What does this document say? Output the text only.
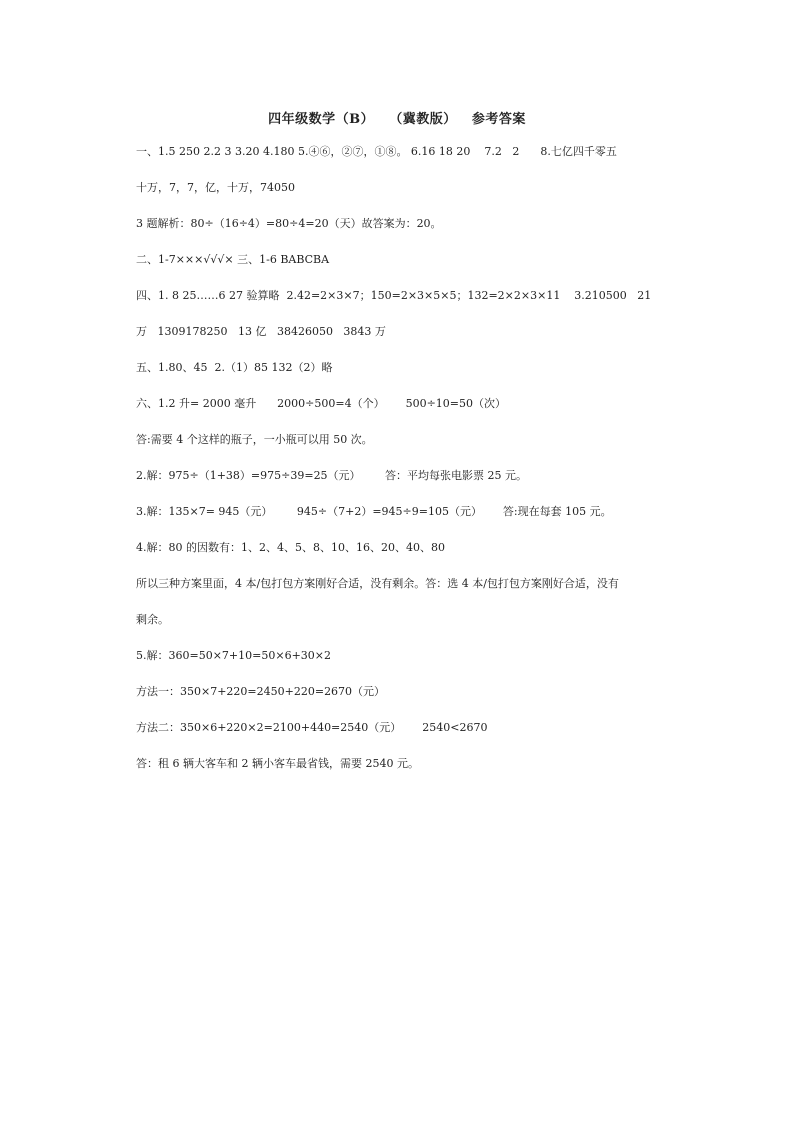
四年级数学（B）   （冀教版）   参考答案
一、1.5 250 2.2 3 3.20 4.180 5.④⑥，②⑦，①⑧。 6.16 18 20    7.2   2      8.七亿四千零五
十万，7，7，亿，十万，74050
3 题解析：80÷（16÷4）=80÷4=20（天）故答案为：20。
二、1-7×××√√√× 三、1-6 BABCBA
四、1. 8 25……6 27 验算略  2.42=2×3×7；150=2×3×5×5；132=2×2×3×11    3.210500   21
万   1309178250   13 亿   38426050   3843 万
五、1.80、45  2.（1）85 132（2）略
六、1.2 升= 2000 毫升      2000÷500=4（个）      500÷10=50（次）
答:需要 4 个这样的瓶子，一小瓶可以用 50 次。
2.解：975÷（1+38）=975÷39=25（元）       答：平均每张电影票 25 元。
3.解：135×7= 945（元）       945÷（7+2）=945÷9=105（元）      答:现在每套 105 元。
4.解：80 的因数有：1、2、4、5、8、10、16、20、40、80
所以三种方案里面，4 本/包打包方案刚好合适，没有剩余。答：选 4 本/包打包方案刚好合适，没有
剩余。
5.解：360=50×7+10=50×6+30×2
方法一：350×7+220=2450+220=2670（元）
方法二：350×6+220×2=2100+440=2540（元）      2540<2670
答：租 6 辆大客车和 2 辆小客车最省钱，需要 2540 元。
